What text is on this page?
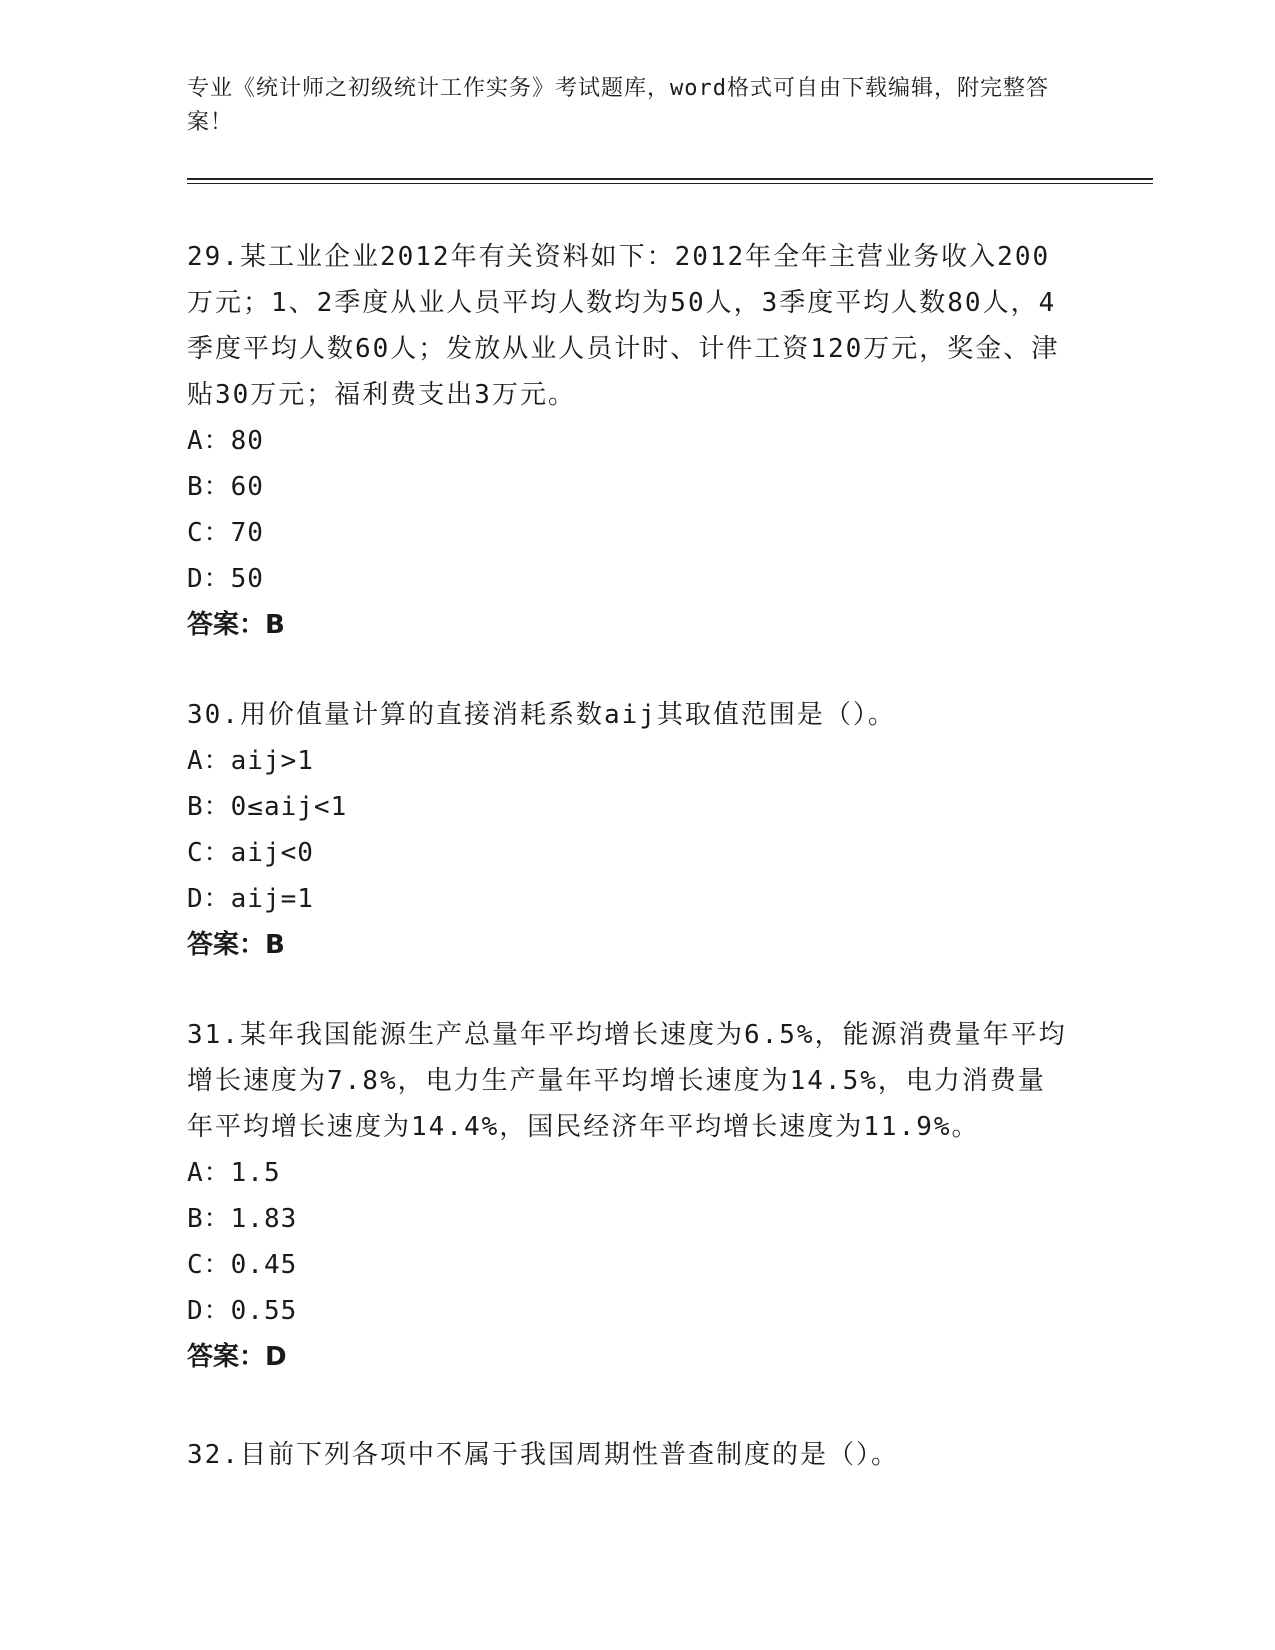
专业《统计师之初级统计工作实务》考试题库，word格式可自由下载编辑，附完整答案！

29.某工业企业2012年有关资料如下：2012年全年主营业务收入200万元；1、2季度从业人员平均人数均为50人，3季度平均人数80人，4季度平均人数60人；发放从业人员计时、计件工资120万元，奖金、津贴30万元；福利费支出3万元。

A：80

B：60

C：70

D：50

答案：B

30.用价值量计算的直接消耗系数aij其取值范围是（）。

A：aij>1

B：0≤aij<1

C：aij<0

D：aij=1

答案：B

31.某年我国能源生产总量年平均增长速度为6.5%，能源消费量年平均增长速度为7.8%，电力生产量年平均增长速度为14.5%，电力消费量年平均增长速度为14.4%，国民经济年平均增长速度为11.9%。

A：1.5

B：1.83

C：0.45

D：0.55

答案：D

32.目前下列各项中不属于我国周期性普查制度的是（）。
